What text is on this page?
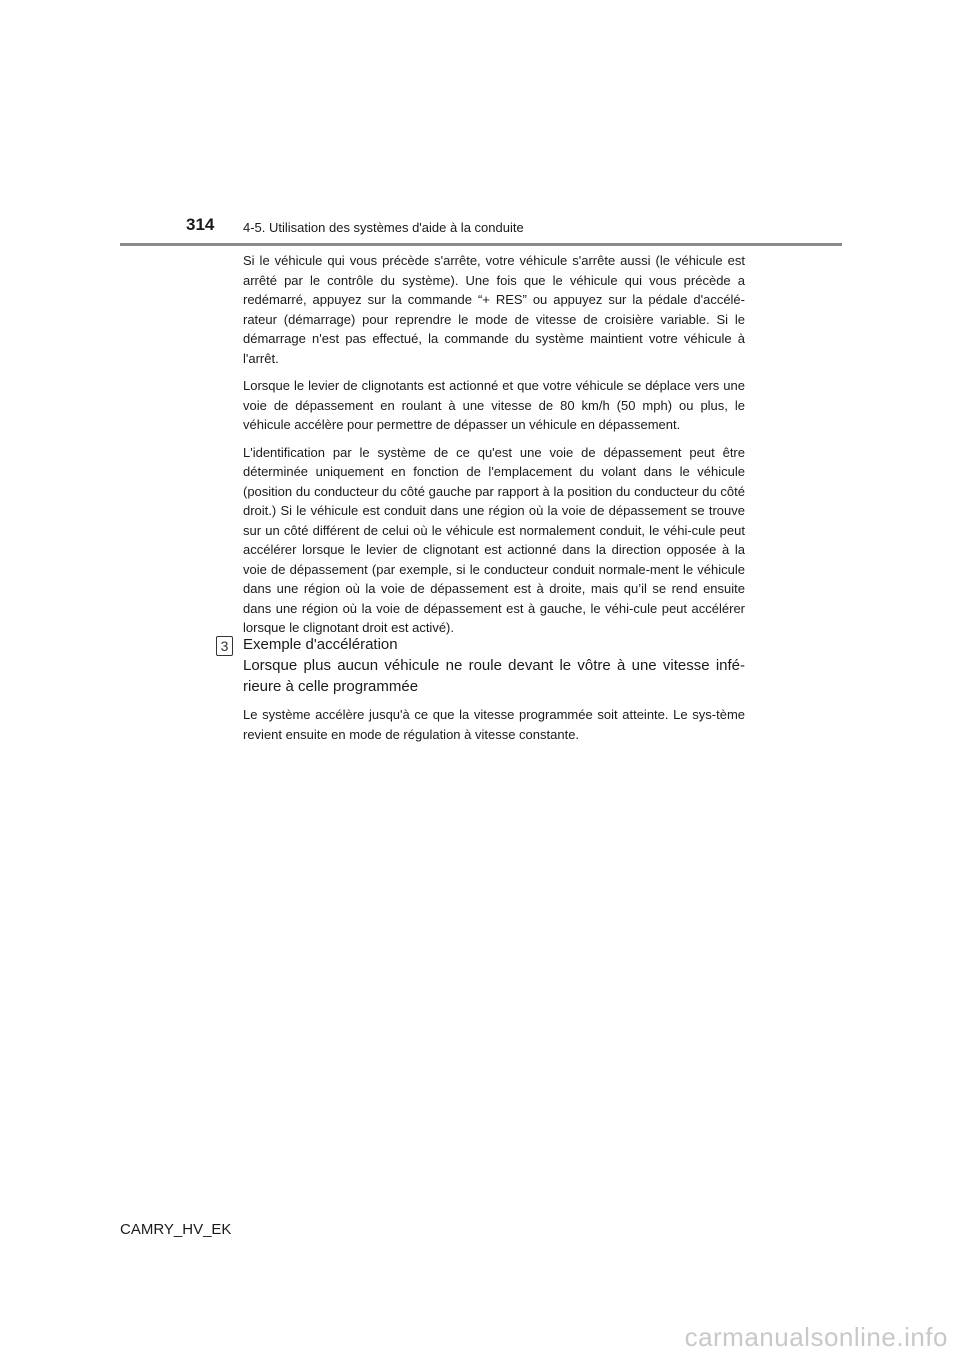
314 4-5. Utilisation des systèmes d'aide à la conduite

Si le véhicule qui vous précède s'arrête, votre véhicule s'arrête aussi (le véhicule est arrêté par le contrôle du système). Une fois que le véhicule qui vous précède a redémarré, appuyez sur la commande “+ RES” ou appuyez sur la pédale d'accélé-rateur (démarrage) pour reprendre le mode de vitesse de croisière variable. Si le démarrage n'est pas effectué, la commande du système maintient votre véhicule à l'arrêt.

Lorsque le levier de clignotants est actionné et que votre véhicule se déplace vers une voie de dépassement en roulant à une vitesse de 80 km/h (50 mph) ou plus, le véhicule accélère pour permettre de dépasser un véhicule en dépassement.

L'identification par le système de ce qu'est une voie de dépassement peut être déterminée uniquement en fonction de l'emplacement du volant dans le véhicule (position du conducteur du côté gauche par rapport à la position du conducteur du côté droit.) Si le véhicule est conduit dans une région où la voie de dépassement se trouve sur un côté différent de celui où le véhicule est normalement conduit, le véhi-cule peut accélérer lorsque le levier de clignotant est actionné dans la direction opposée à la voie de dépassement (par exemple, si le conducteur conduit normale-ment le véhicule dans une région où la voie de dépassement est à droite, mais qu’il se rend ensuite dans une région où la voie de dépassement est à gauche, le véhi-cule peut accélérer lorsque le clignotant droit est activé).

3 Exemple d'accélération
Lorsque plus aucun véhicule ne roule devant le vôtre à une vitesse infé-rieure à celle programmée
Le système accélère jusqu'à ce que la vitesse programmée soit atteinte. Le sys-tème revient ensuite en mode de régulation à vitesse constante.
CAMRY_HV_EK
carmanualsonline.info
